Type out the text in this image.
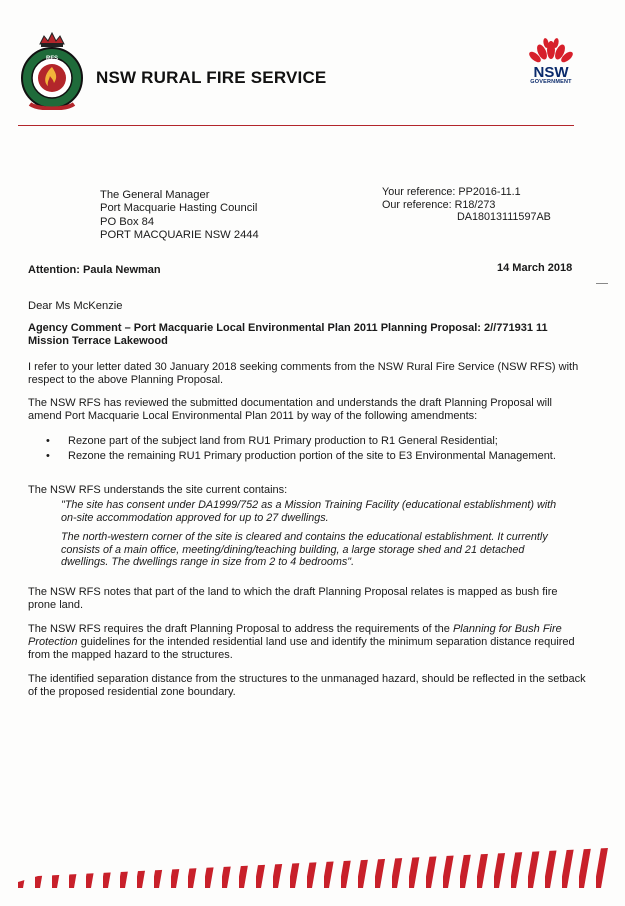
RFS
NSW RURAL FIRE SERVICE	NSW
GOVERNMENT
The General Manager
Port Macquarie Hasting Council
PO Box 84
PORT MACQUARIE NSW 2444
Your reference: PP2016-11.1
Our reference: R18/273
DA18013111597AB
Attention: Paula Newman	14 March 2018
Dear Ms McKenzie
Agency Comment – Port Macquarie Local Environmental Plan 2011 Planning Proposal: 2//771931 11 Mission Terrace Lakewood
I refer to your letter dated 30 January 2018 seeking comments from the NSW Rural Fire Service (NSW RFS) with respect to the above Planning Proposal.
The NSW RFS has reviewed the submitted documentation and understands the draft Planning Proposal will amend Port Macquarie Local Environmental Plan 2011 by way of the following amendments:
• Rezone part of the subject land from RU1 Primary production to R1 General Residential;
• Rezone the remaining RU1 Primary production portion of the site to E3 Environmental Management.
The NSW RFS understands the site current contains:
"The site has consent under DA1999/752 as a Mission Training Facility (educational establishment) with on-site accommodation approved for up to 27 dwellings.
The north-western corner of the site is cleared and contains the educational establishment. It currently consists of a main office, meeting/dining/teaching building, a large storage shed and 21 detached dwellings. The dwellings range in size from 2 to 4 bedrooms".
The NSW RFS notes that part of the land to which the draft Planning Proposal relates is mapped as bush fire prone land.
The NSW RFS requires the draft Planning Proposal to address the requirements of the Planning for Bush Fire Protection guidelines for the intended residential land use and identify the minimum separation distance required from the mapped hazard to the structures.
The identified separation distance from the structures to the unmanaged hazard, should be reflected in the setback of the proposed residential zone boundary.
